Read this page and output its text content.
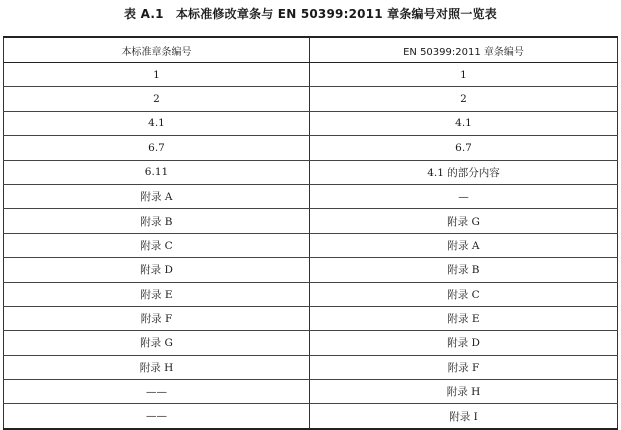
表 A.1　本标准修改章条与 EN 50399:2011 章条编号对照一览表
本标准章条编号	EN 50399:2011 章条编号
1	1
2	2
4.1	4.1
6.7	6.7
6.11	4.1 的部分内容
附录 A	—
附录 B	附录 G
附录 C	附录 A
附录 D	附录 B
附录 E	附录 C
附录 F	附录 E
附录 G	附录 D
附录 H	附录 F
——	附录 H
——	附录 I
